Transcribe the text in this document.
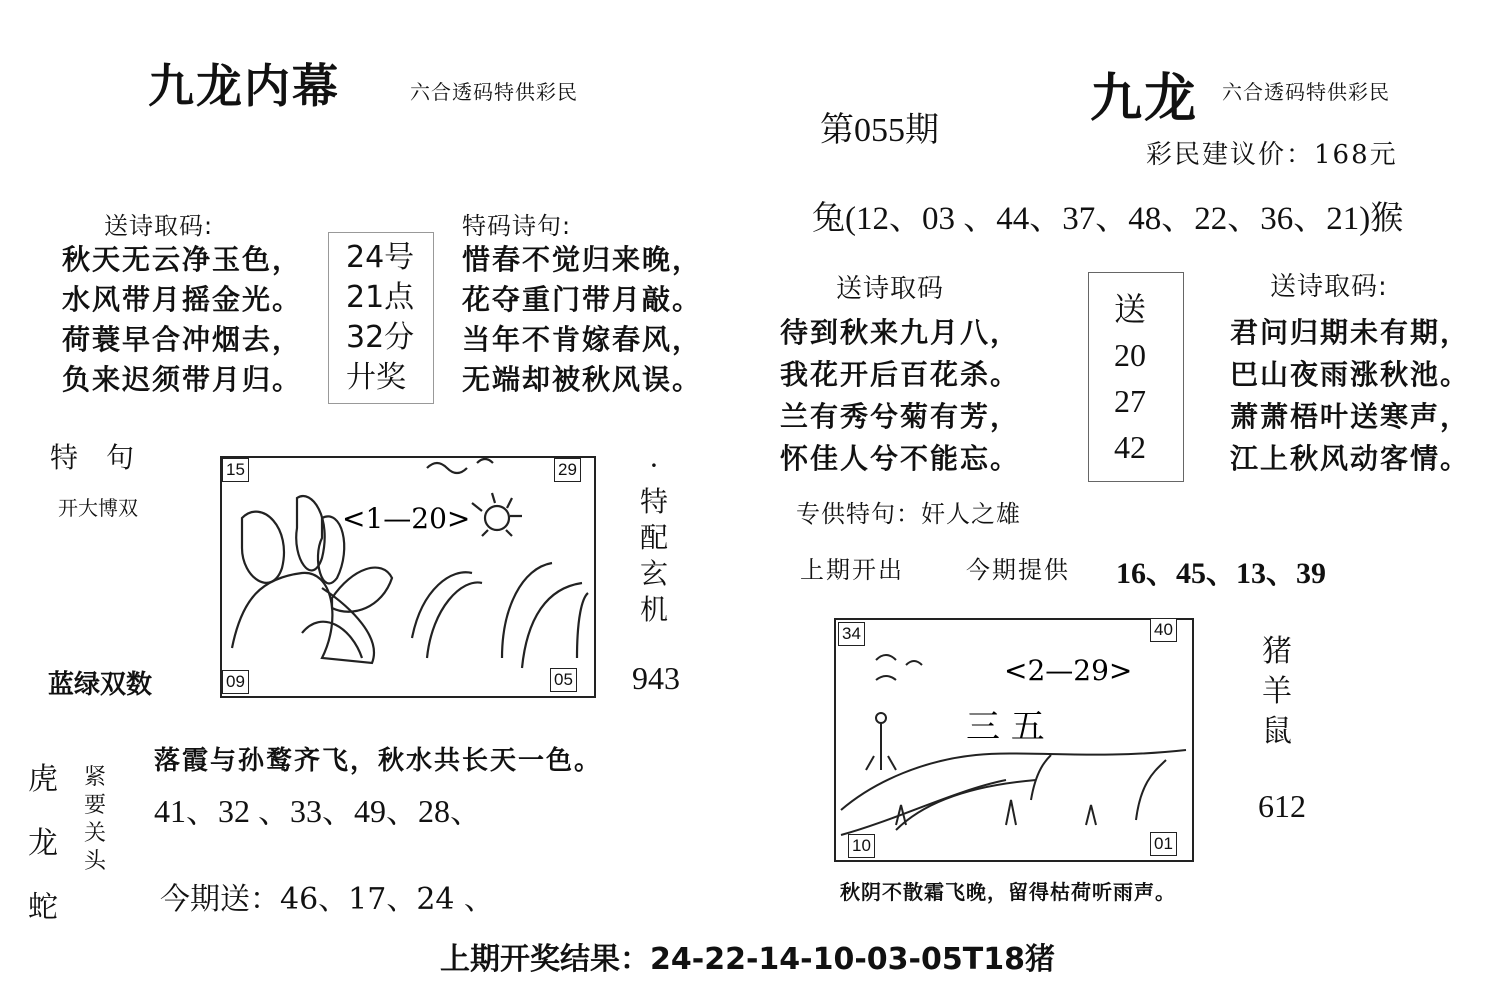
九龙内幕	六合透码特供彩民
送诗取码:
秋天无云净玉色，
水风带月摇金光。
荷蓑早合冲烟去，
负来迟须带月归。
24号
21点
32分
廾奖
特码诗句:
惜春不觉归来晚，
花夺重门带月敲。
当年不肯嫁春风，
无端却被秋风误。
特　句
开大博双
蓝绿双数
15	29
09	05
<1—20>
·
特
配
玄
机
943
虎
龙
蛇
紧
要
关
头
落霞与孙鹜齐飞，秋水共长天一色。
41、32 、33、49、28、
今期送：46、17、24 、
第055期
九龙 六合透码特供彩民
彩民建议价：168元
兔(12、03 、44、37、48、22、36、21)猴
送诗取码
待到秋来九月八，
我花开后百花杀。
兰有秀兮菊有芳，
怀佳人兮不能忘。
送
20
27
42
送诗取码:
君问归期未有期，
巴山夜雨涨秋池。
萧萧梧叶送寒声，
江上秋风动客情。
专供特句：奸人之雄
上期开出	今期提供 16、45、13、39
34	40
10	01
<2—29>
三 五
猪
羊
鼠
612
秋阴不散霜飞晚，留得枯荷听雨声。
上期开奖结果：24-22-14-10-03-05T18猪
